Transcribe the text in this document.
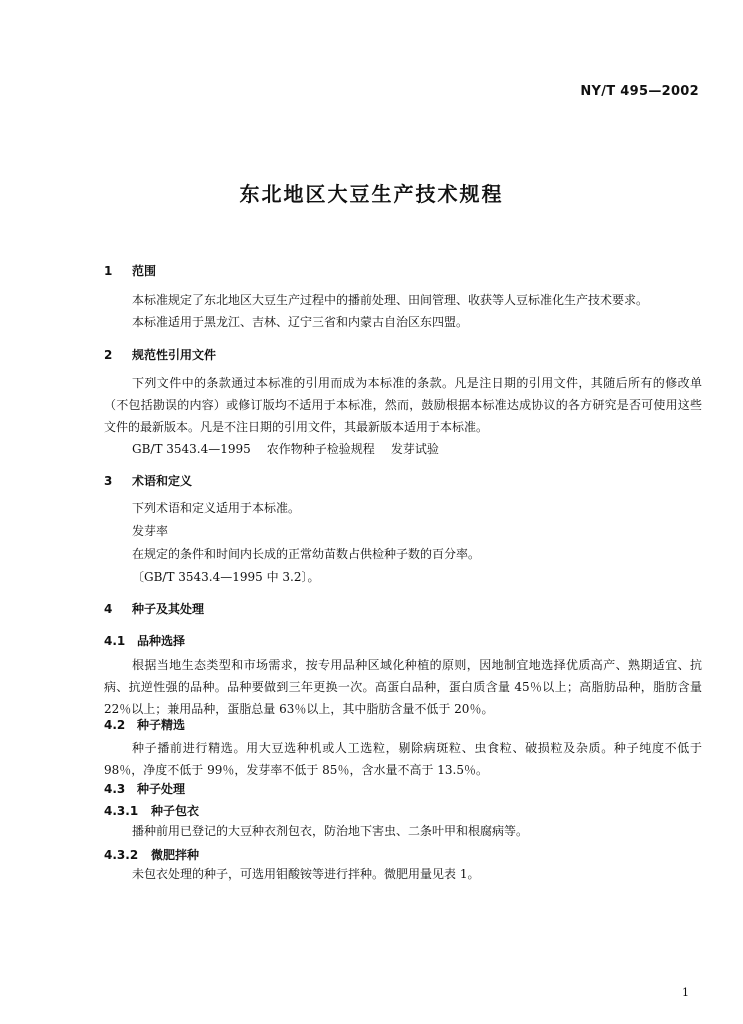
NY/T 495—2002
东北地区大豆生产技术规程
1 范围
本标准规定了东北地区大豆生产过程中的播前处理、田间管理、收获等人豆标准化生产技术要求。
本标准适用于黑龙江、吉林、辽宁三省和内蒙古自治区东四盟。
2 规范性引用文件
下列文件中的条款通过本标准的引用而成为本标准的条款。凡是注日期的引用文件，其随后所有的修改单（不包括勘误的内容）或修订版均不适用于本标准，然而，鼓励根据本标准达成协议的各方研究是否可使用这些文件的最新版本。凡是不注日期的引用文件，其最新版本适用于本标准。
GB/T 3543.4—1995 农作物种子检验规程 发芽试验
3 术语和定义
下列术语和定义适用于本标准。
发芽率
在规定的条件和时间内长成的正常幼苗数占供检种子数的百分率。
〔GB/T 3543.4—1995 中 3.2〕。
4 种子及其处理
4.1 品种选择
根据当地生态类型和市场需求，按专用品种区域化种植的原则，因地制宜地选择优质高产、熟期适宜、抗病、抗逆性强的品种。品种要做到三年更换一次。高蛋白品种，蛋白质含量 45％以上；高脂肪品种，脂肪含量 22％以上；兼用品种，蛋脂总量 63％以上，其中脂肪含量不低于 20％。
4.2 种子精选
种子播前进行精选。用大豆选种机或人工选粒，剔除病斑粒、虫食粒、破损粒及杂质。种子纯度不低于 98％，净度不低于 99％，发芽率不低于 85％，含水量不高于 13.5％。
4.3 种子处理
4.3.1 种子包衣
播种前用已登记的大豆种衣剂包衣，防治地下害虫、二条叶甲和根腐病等。
4.3.2 微肥拌种
未包衣处理的种子，可选用钼酸铵等进行拌种。微肥用量见表 1。
1
